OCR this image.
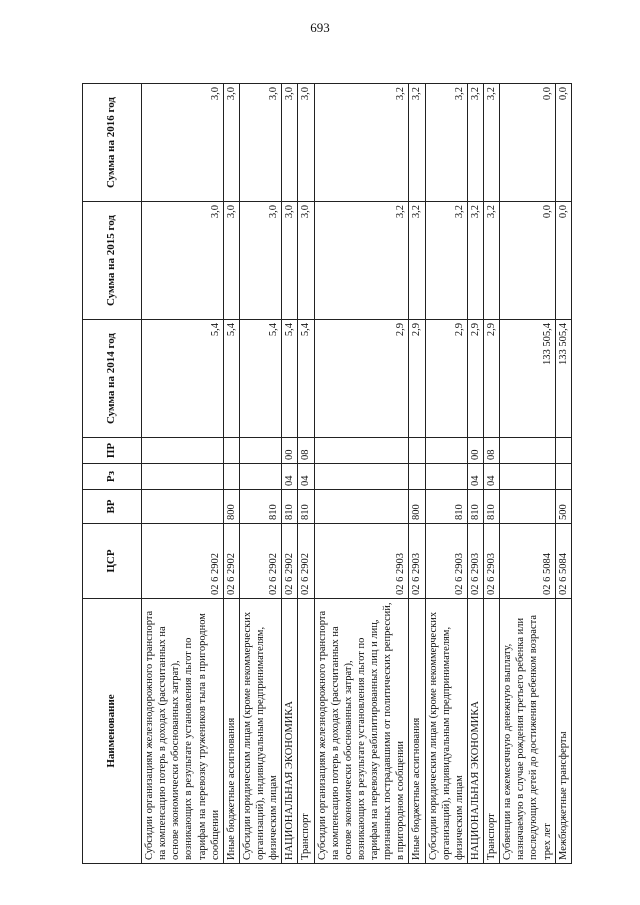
693
Наименование	ЦСР	ВР	Рз	ПР	Сумма на 2014 год	Сумма на 2015 год	Сумма на 2016 год
Субсидии организациям железнодорожного транспорта на компенсацию потерь в доходах (рассчитанных на основе экономически обоснованных затрат), возникающих в результате установления льгот по тарифам на перевозку тружеников тыла в пригородном сообщении	02 6 2902				5,4	3,0	3,0
Иные бюджетные ассигнования	02 6 2902	800			5,4	3,0	3,0
Субсидии юридическим лицам (кроме некоммерческих организаций), индивидуальным предпринимателям, физическим лицам	02 6 2902	810			5,4	3,0	3,0
НАЦИОНАЛЬНАЯ ЭКОНОМИКА	02 6 2902	810	04	00	5,4	3,0	3,0
Транспорт	02 6 2902	810	04	08	5,4	3,0	3,0
Субсидии организациям железнодорожного транспорта на компенсацию потерь в доходах (рассчитанных на основе экономически обоснованных затрат), возникающих в результате установления льгот по тарифам на перевозку реабилитированных лиц и лиц, признанных пострадавшими от политических репрессий, в пригородном сообщении	02 6 2903				2,9	3,2	3,2
Иные бюджетные ассигнования	02 6 2903	800			2,9	3,2	3,2
Субсидии юридическим лицам (кроме некоммерческих организаций), индивидуальным предпринимателям, физическим лицам	02 6 2903	810			2,9	3,2	3,2
НАЦИОНАЛЬНАЯ ЭКОНОМИКА	02 6 2903	810	04	00	2,9	3,2	3,2
Транспорт	02 6 2903	810	04	08	2,9	3,2	3,2
Субвенции на ежемесячную денежную выплату, назначаемую в случае рождения третьего ребенка или последующих детей до достижения ребенком возраста трех лет	02 6 5084				133 505,4	0,0	0,0
Межбюджетные трансферты	02 6 5084	500			133 505,4	0,0	0,0
